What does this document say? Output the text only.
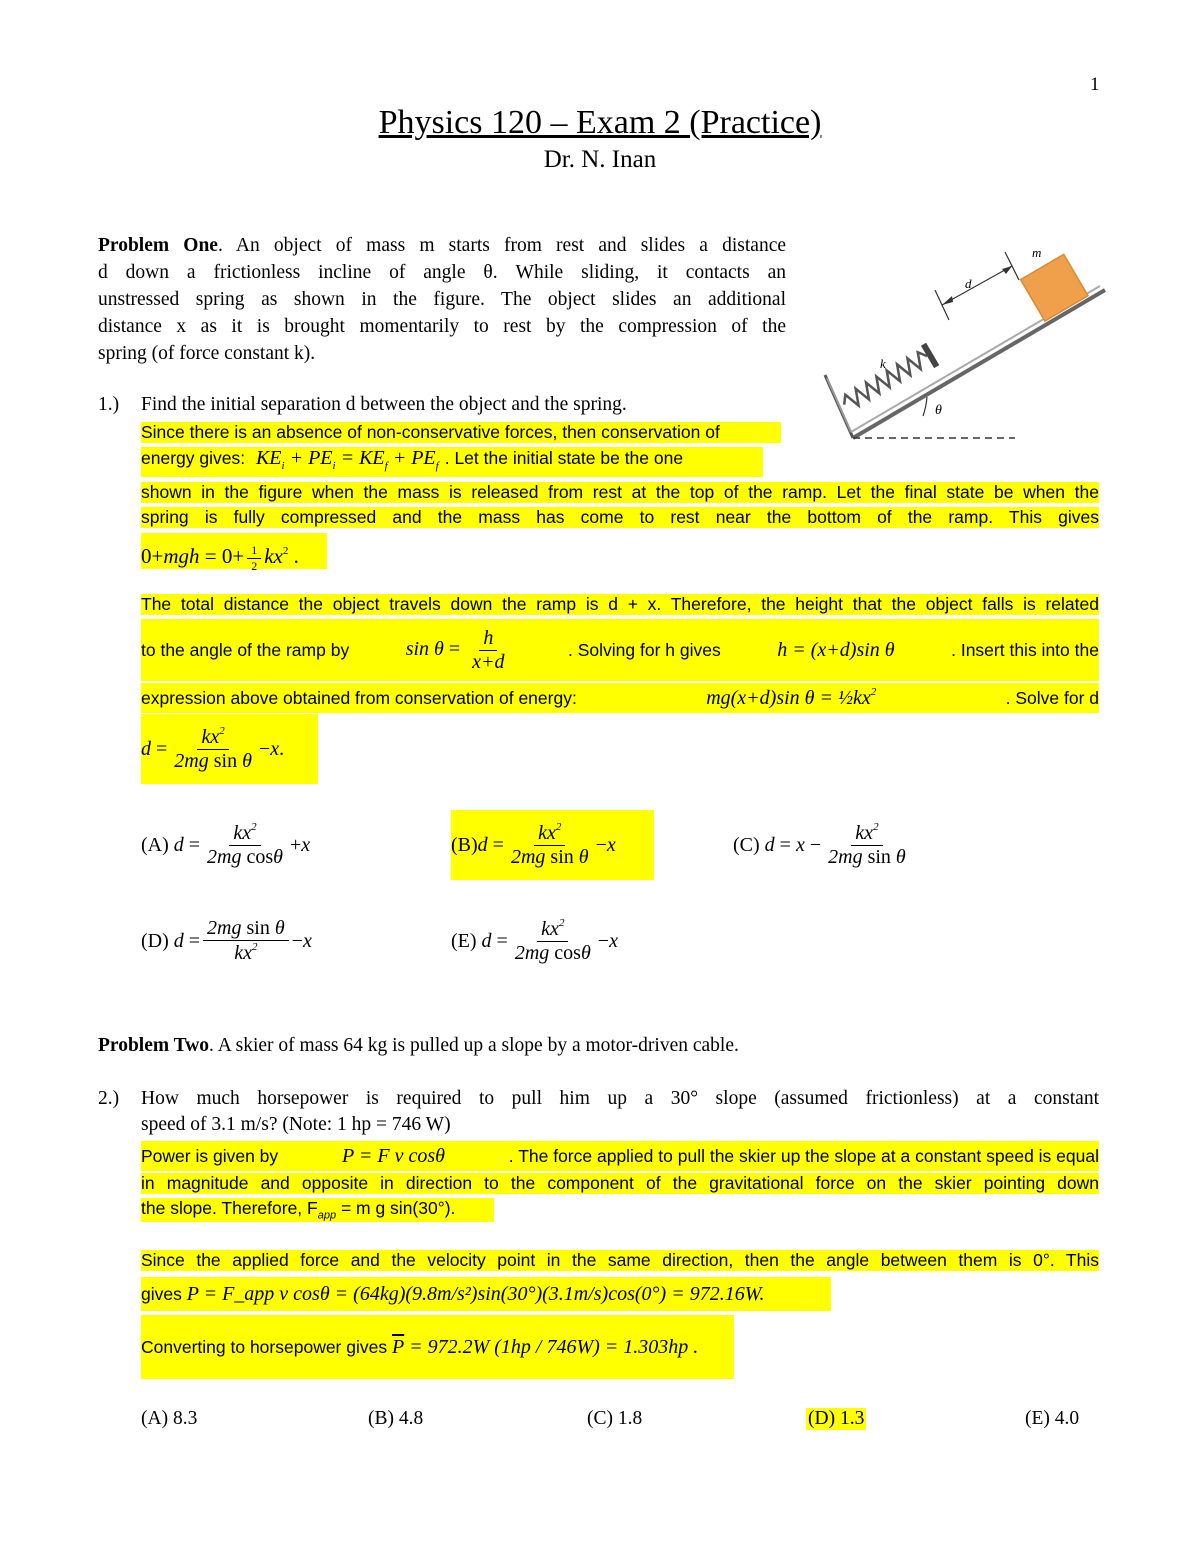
1
Physics 120 – Exam 2 (Practice)
Dr. N. Inan
Problem One. An object of mass m starts from rest and slides a distance
d down a frictionless incline of angle θ. While sliding, it contacts an
unstressed spring as shown in the figure. The object slides an additional
distance x as it is brought momentarily to rest by the compression of the
spring (of force constant k).
m
d
k
θ
1.) Find the initial separation d between the object and the spring.
Since there is an absence of non-conservative forces, then conservation of
energy gives: $KE_i + PE_i = KE_f + PE_f$ . Let the initial state be the one
shown in the figure when the mass is released from rest at the top of the ramp. Let the final state be when the
spring is fully compressed and the mass has come to rest near the bottom of the ramp. This gives
$0+mgh = 0+ \frac{1}{2} kx^2$ .
The total distance the object travels down the ramp is d + x. Therefore, the height that the object falls is related
to the angle of the ramp by	$\sin \theta = \frac{h}{x+d}$	. Solving for h gives	h = (x+d)sin θ	. Insert this into the
expression above obtained from conservation of energy:	mg(x+d)sin $\theta = \frac{1}{2}kx^2$	. Solve for d
$d = \frac{kx^2}{\text{2mg sin θ}} - x$ .
(A)
$d = \frac{kx^2}{\text{2mg cosθ}} + x$	(B) $d = \frac{kx^2}{\text{2mg sin θ}} - x$	(C)
$d = x - \frac{kx^2}{\text{2mg sin θ}}$
(D)
$d = \frac{\text{2mg sin θ}}{kx^2} - x$	(E)
$d = \frac{kx^2}{\text{2mg cosθ}} - x$
Problem Two. A skier of mass 64 kg is pulled up a slope by a motor-driven cable.
2.) How much horsepower is required to pull him up a 30° slope (assumed frictionless) at a constant
speed of 3.1 m/s? (Note: 1 hp = 746 W)
Power is given by	P = F v cosθ	. The force applied to pull the skier up the slope at a constant speed is equal
in magnitude and opposite in direction to the component of the gravitational force on the skier pointing down
the slope. Therefore, $F_{app} = m$ g sin(30°).
Since the applied force and the velocity point in the same direction, then the angle between them is 0°. This
gives
P = F_app v cosθ = (64kg)(9.8m/s²)sin(30°)(3.1m/s)cos(0°) = 972.16W.
Converting to horsepower gives
$\overline{P}$
= 972.2W (1hp / 746W) = 1.303hp .
(A) 8.3	(B) 4.8	(C) 1.8	(D) 1.3	(E) 4.0
